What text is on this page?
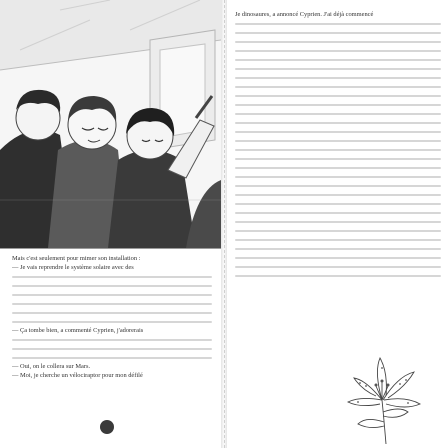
Mais c'est seulement pour mimer son installation :
— Je vais reprendre le système solaire avec des
— Ça tombe bien, a commenté Cyprien, j'adorerais
— Oui, on le collera sur Mars.
— Moi, je cherche un vélociraptor pour mon défilé
Je dinosaures, a annoncé Cyprien. J'ai déjà commencé
